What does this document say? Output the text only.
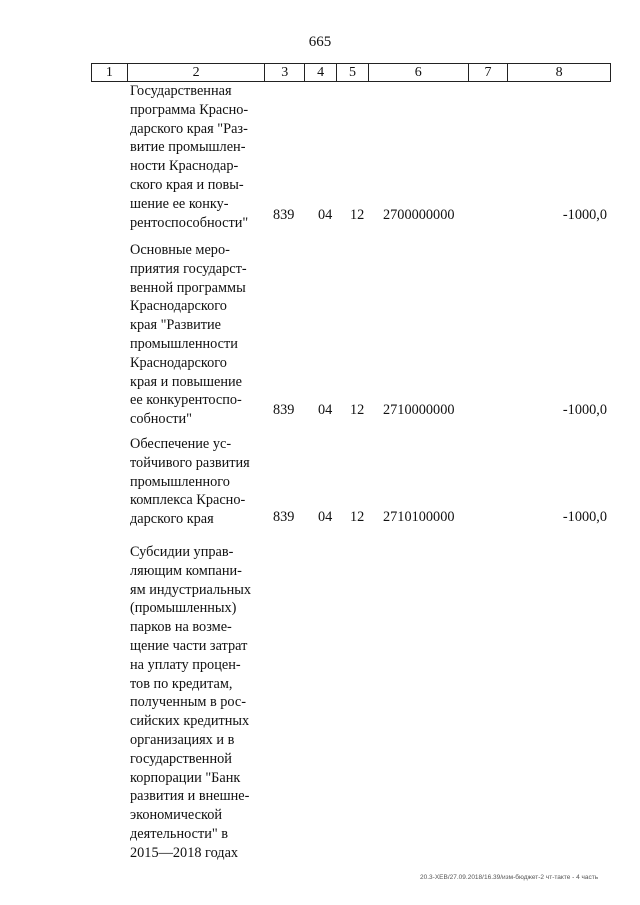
665
1	2	3	4	5	6	7	8
Государственная
программа Красно-
дарского края "Раз-
витие промышлен-
ности Краснодар-
ского края и повы-
шение ее конку-
рентоспособности"	839 04 12 2700000000	-1000,0
Основные меро-
приятия государст-
венной программы
Краснодарского
края "Развитие
промышленности
Краснодарского
края и повышение
ее конкурентоспо-
собности"
839 04 12 2710000000	-1000,0
Обеспечение ус-
тойчивого развития
промышленного
комплекса Красно-
дарского края	839 04 12 2710100000	-1000,0
Субсидии управ-
ляющим компани-
ям индустриальных
(промышленных)
парков на возме-
щение части затрат
на уплату процен-
тов по кредитам,
полученным в рос-
сийских кредитных
организациях и в
государственной
корпорации "Банк
развития и внешне-
экономической
деятельности" в
2015—2018 годах
20.3-ХЕВ/27.09.2018/16.39/изм-бюджет-2 чт-такте - 4 часть
